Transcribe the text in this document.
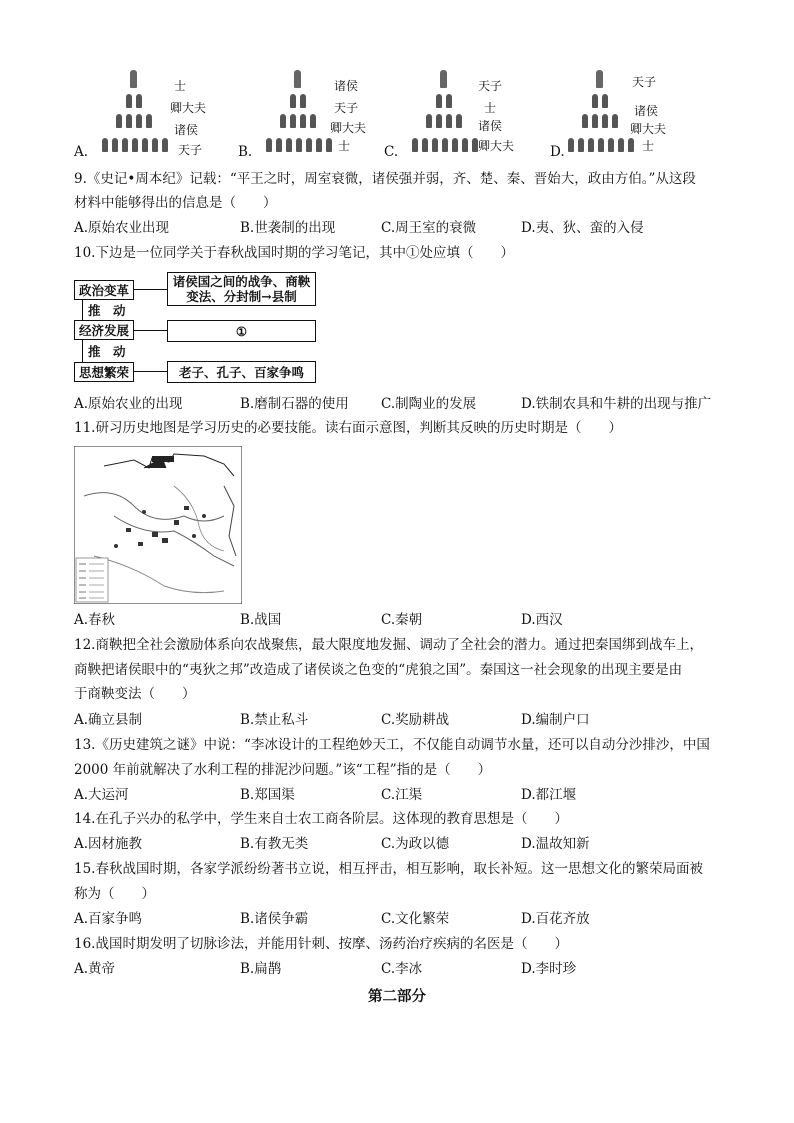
A.
士
卿大夫
诸侯
天子	B.
诸侯
天子
卿大夫
士	C.
天子
士
诸侯
卿大夫	D.
天子
诸侯
卿大夫
士
9.《史记•周本纪》记载：“平王之时，周室衰微，诸侯强并弱，齐、楚、秦、晋始大，政由方伯。”从这段
材料中能够得出的信息是（　　）
A.原始农业出现	B.世袭制的出现	C.周王室的衰微	D.夷、狄、蛮的入侵
10.下边是一位同学关于春秋战国时期的学习笔记，其中①处应填（　　）
政治变革
经济发展
思想繁荣
诸侯国之间的战争、商鞅
变法、分封制→县制
①
老子、孔子、百家争鸣
推　动
推　动
A.原始农业的出现	B.磨制石器的使用 C.制陶业的发展	D.铁制农具和牛耕的出现与推广
11.研习历史地图是学习历史的必要技能。读右面示意图，判断其反映的历史时期是（　　）
A.春秋	B.战国	C.秦朝	D.西汉
12.商鞅把全社会激励体系向农战聚焦，最大限度地发掘、调动了全社会的潜力。通过把秦国绑到战车上，
商鞅把诸侯眼中的“夷狄之邦”改造成了诸侯谈之色变的“虎狼之国”。秦国这一社会现象的出现主要是由
于商鞅变法（　　）
A.确立县制	B.禁止私斗	C.奖励耕战	D.编制户口
13.《历史建筑之谜》中说：“李冰设计的工程绝妙天工，不仅能自动调节水量，还可以自动分沙排沙，中国
2000 年前就解决了水利工程的排泥沙问题。”该“工程”指的是（　　）
A.大运河	B.郑国渠	C.江渠	D.都江堰
14.在孔子兴办的私学中，学生来自士农工商各阶层。这体现的教育思想是（　　）
A.因材施教	B.有教无类	C.为政以德	D.温故知新
15.春秋战国时期，各家学派纷纷著书立说，相互抨击，相互影响，取长补短。这一思想文化的繁荣局面被
称为（　　）
A.百家争鸣	B.诸侯争霸	C.文化繁荣	D.百花齐放
16.战国时期发明了切脉诊法，并能用针刺、按摩、汤药治疗疾病的名医是（　　）
A.黄帝	B.扁鹊	C.李冰	D.李时珍
第二部分
